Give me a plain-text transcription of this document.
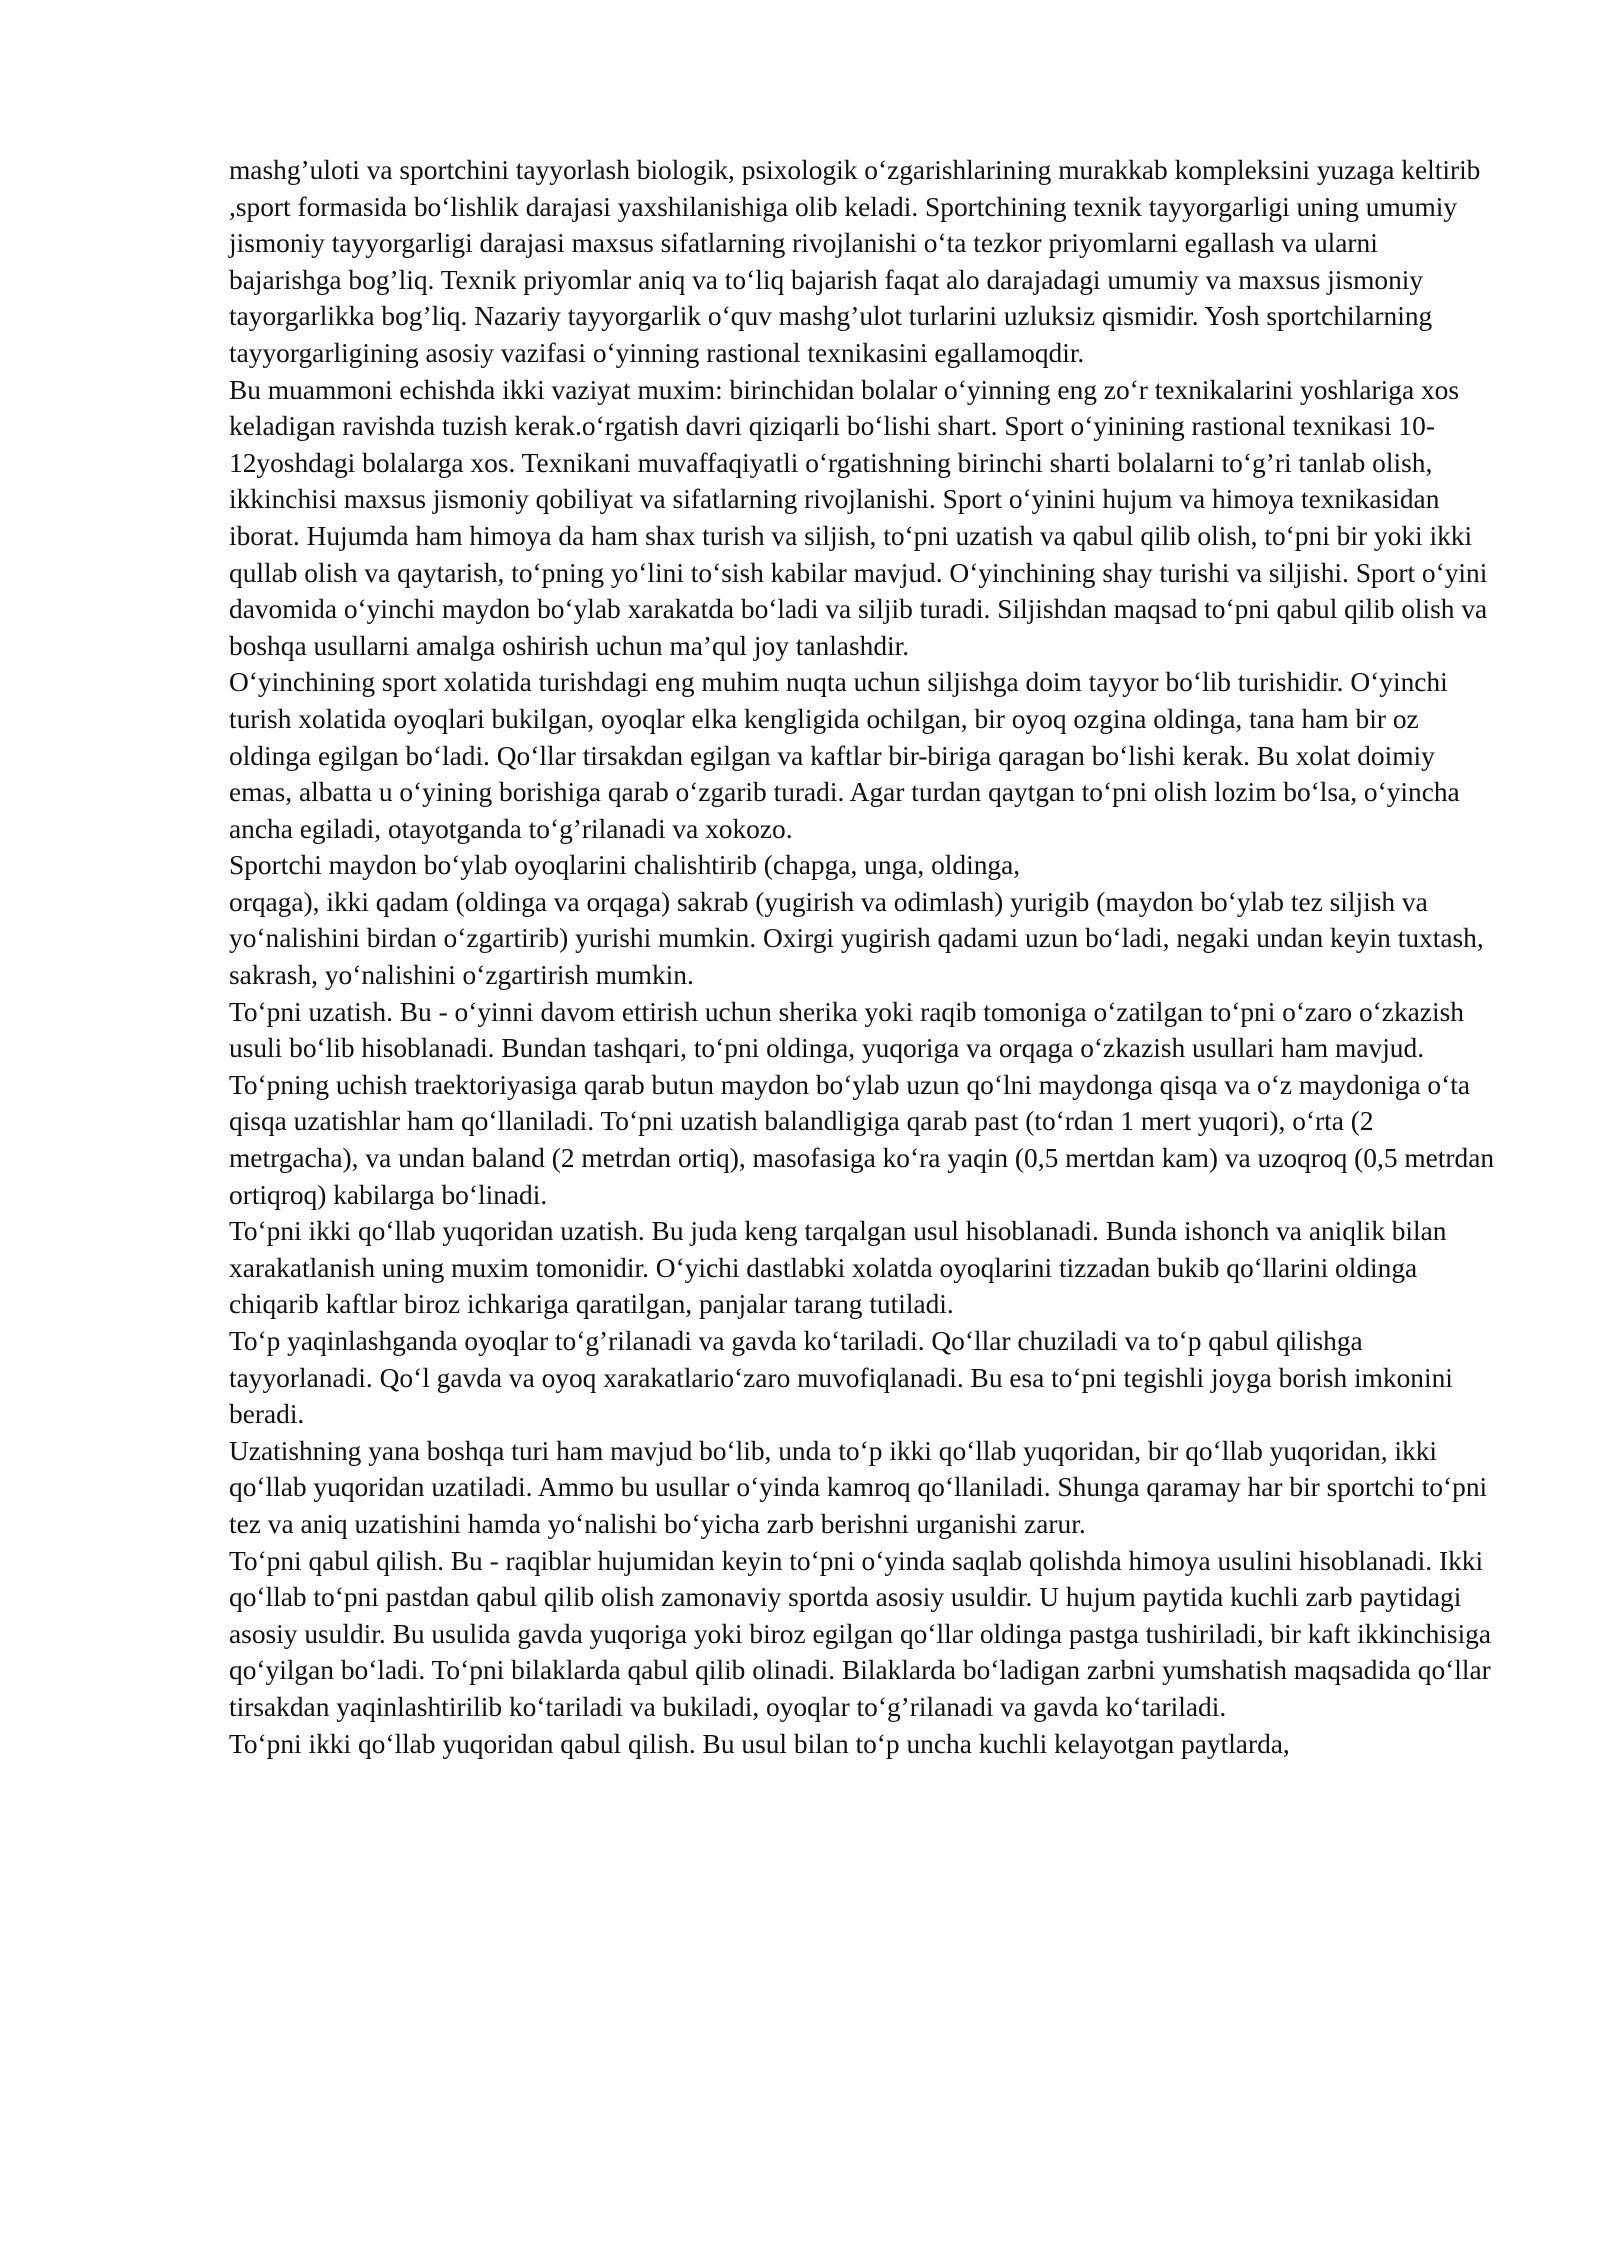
mashg’uloti va sportchini tayyorlash biologik, psixologik o‘zgarishlarining murakkab kompleksini yuzaga keltirib ,sport formasida bo‘lishlik darajasi yaxshilanishiga olib keladi. Sportchining texnik tayyorgarligi uning umumiy jismoniy tayyorgarligi darajasi maxsus sifatlarning rivojlanishi o‘ta tezkor priyomlarni egallash va ularni bajarishga bog’liq. Texnik priyomlar aniq va to‘liq bajarish faqat alo darajadagi umumiy va maxsus jismoniy tayorgarlikka bog’liq. Nazariy tayyorgarlik o‘quv mashg’ulot turlarini uzluksiz qismidir. Yosh sportchilarning tayyorgarligining asosiy vazifasi o‘yinning rastional texnikasini egallamoqdir.

Bu muammoni echishda ikki vaziyat muxim: birinchidan bolalar o‘yinning eng zo‘r texnikalarini yoshlariga xos keladigan ravishda tuzish kerak.o‘rgatish davri qiziqarli bo‘lishi shart. Sport o‘yinining rastional texnikasi 10- 12yoshdagi bolalarga xos. Texnikani muvaffaqiyatli o‘rgatishning birinchi sharti bolalarni to‘g’ri tanlab olish, ikkinchisi maxsus jismoniy qobiliyat va sifatlarning rivojlanishi. Sport o‘yinini hujum va himoya texnikasidan iborat. Hujumda ham himoya da ham shax turish va siljish, to‘pni uzatish va qabul qilib olish, to‘pni bir yoki ikki qullab olish va qaytarish, to‘pning yo‘lini to‘sish kabilar mavjud. O‘yinchining shay turishi va siljishi. Sport o‘yini davomida o‘yinchi maydon bo‘ylab xarakatda bo‘ladi va siljib turadi. Siljishdan maqsad to‘pni qabul qilib olish va boshqa usullarni amalga oshirish uchun ma’qul joy tanlashdir.

O‘yinchining sport xolatida turishdagi eng muhim nuqta uchun siljishga doim tayyor bo‘lib turishidir. O‘yinchi turish xolatida oyoqlari bukilgan, oyoqlar elka kengligida ochilgan, bir oyoq ozgina oldinga, tana ham bir oz oldinga egilgan bo‘ladi. Qo‘llar tirsakdan egilgan va kaftlar bir-biriga qaragan bo‘lishi kerak. Bu xolat doimiy emas, albatta u o‘yining borishiga qarab o‘zgarib turadi. Agar turdan qaytgan to‘pni olish lozim bo‘lsa, o‘yincha ancha egiladi, otayotganda to‘g’rilanadi va xokozo.

Sportchi maydon bo‘ylab oyoqlarini chalishtirib (chapga, unga, oldinga,

orqaga), ikki qadam (oldinga va orqaga) sakrab (yugirish va odimlash) yurigib (maydon bo‘ylab tez siljish va yo‘nalishini birdan o‘zgartirib) yurishi mumkin. Oxirgi yugirish qadami uzun bo‘ladi, negaki undan keyin tuxtash, sakrash, yo‘nalishini o‘zgartirish mumkin.

To‘pni uzatish. Bu - o‘yinni davom ettirish uchun sherika yoki raqib tomoniga o‘zatilgan to‘pni o‘zaro o‘zkazish usuli bo‘lib hisoblanadi. Bundan tashqari, to‘pni oldinga, yuqoriga va orqaga o‘zkazish usullari ham mavjud.

To‘pning uchish traektoriyasiga qarab butun maydon bo‘ylab uzun qo‘lni maydonga qisqa va o‘z maydoniga o‘ta qisqa uzatishlar ham qo‘llaniladi. To‘pni uzatish balandligiga qarab past (to‘rdan 1 mert yuqori), o‘rta (2 metrgacha), va undan baland (2 metrdan ortiq), masofasiga ko‘ra yaqin (0,5 mertdan kam) va uzoqroq (0,5 metrdan ortiqroq) kabilarga bo‘linadi.

To‘pni ikki qo‘llab yuqoridan uzatish. Bu juda keng tarqalgan usul hisoblanadi. Bunda ishonch va aniqlik bilan xarakatlanish uning muxim tomonidir. O‘yichi dastlabki xolatda oyoqlarini tizzadan bukib qo‘llarini oldinga chiqarib kaftlar biroz ichkariga qaratilgan, panjalar tarang tutiladi.

To‘p yaqinlashganda oyoqlar to‘g’rilanadi va gavda ko‘tariladi. Qo‘llar chuziladi va to‘p qabul qilishga tayyorlanadi. Qo‘l gavda va oyoq xarakatlario‘zaro muvofiqlanadi. Bu esa to‘pni tegishli joyga borish imkonini beradi.

Uzatishning yana boshqa turi ham mavjud bo‘lib, unda to‘p ikki qo‘llab yuqoridan, bir qo‘llab yuqoridan, ikki qo‘llab yuqoridan uzatiladi. Ammo bu usullar o‘yinda kamroq qo‘llaniladi. Shunga qaramay har bir sportchi to‘pni tez va aniq uzatishini hamda yo‘nalishi bo‘yicha zarb berishni urganishi zarur.

To‘pni qabul qilish. Bu - raqiblar hujumidan keyin to‘pni o‘yinda saqlab qolishda himoya usulini hisoblanadi. Ikki qo‘llab to‘pni pastdan qabul qilib olish zamonaviy sportda asosiy usuldir. U hujum paytida kuchli zarb paytidagi asosiy usuldir. Bu usulida gavda yuqoriga yoki biroz egilgan qo‘llar oldinga pastga tushiriladi, bir kaft ikkinchisiga qo‘yilgan bo‘ladi. To‘pni bilaklarda qabul qilib olinadi. Bilaklarda bo‘ladigan zarbni yumshatish maqsadida qo‘llar tirsakdan yaqinlashtirilib ko‘tariladi va bukiladi, oyoqlar to‘g’rilanadi va gavda ko‘tariladi.

To‘pni ikki qo‘llab yuqoridan qabul qilish. Bu usul bilan to‘p uncha kuchli kelayotgan paytlarda,
